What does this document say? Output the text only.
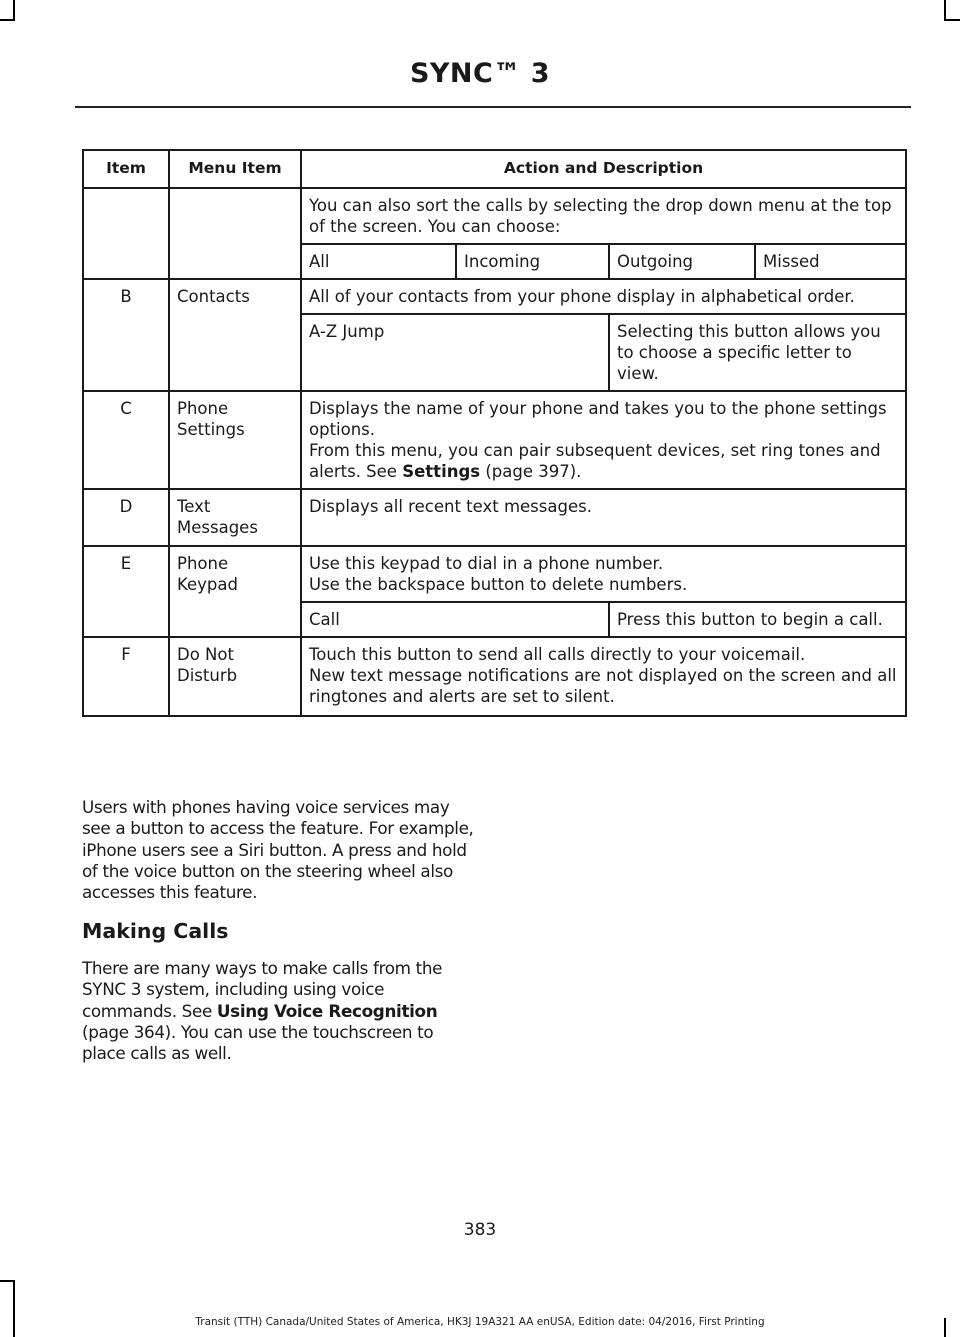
SYNC™ 3
Item	Menu Item	Action and Description			
		You can also sort the calls by selecting the drop down menu at the top of the screen. You can choose:			
		All	Incoming	Outgoing	Missed
B	Contacts	All of your contacts from your phone display in alphabetical order.			
		A-Z Jump		Selecting this button allows you to choose a specific letter to view.	

C	Phone Settings	Displays the name of your phone and takes you to the phone settings options.
From this menu, you can pair subsequent devices, set ring tones and alerts. See Settings (page 397).			

D	Text Messages	Displays all recent text messages.			
E	Phone Keypad	Use this keypad to dial in a phone number.
Use the backspace button to delete numbers.			

		Call		Press this button to begin a call.	
F	Do Not Disturb	Touch this button to send all calls directly to your voicemail.
New text message notifications are not displayed on the screen and all ringtones and alerts are set to silent.			
Users with phones having voice services may see a button to access the feature. For example, iPhone users see a Siri button. A press and hold of the voice button on the steering wheel also accesses this feature.
Making Calls
There are many ways to make calls from the SYNC 3 system, including using voice commands. See Using Voice Recognition (page 364). You can use the touchscreen to place calls as well.
383
Transit (TTH) Canada/United States of America, HK3J 19A321 AA enUSA, Edition date: 04/2016, First Printing
